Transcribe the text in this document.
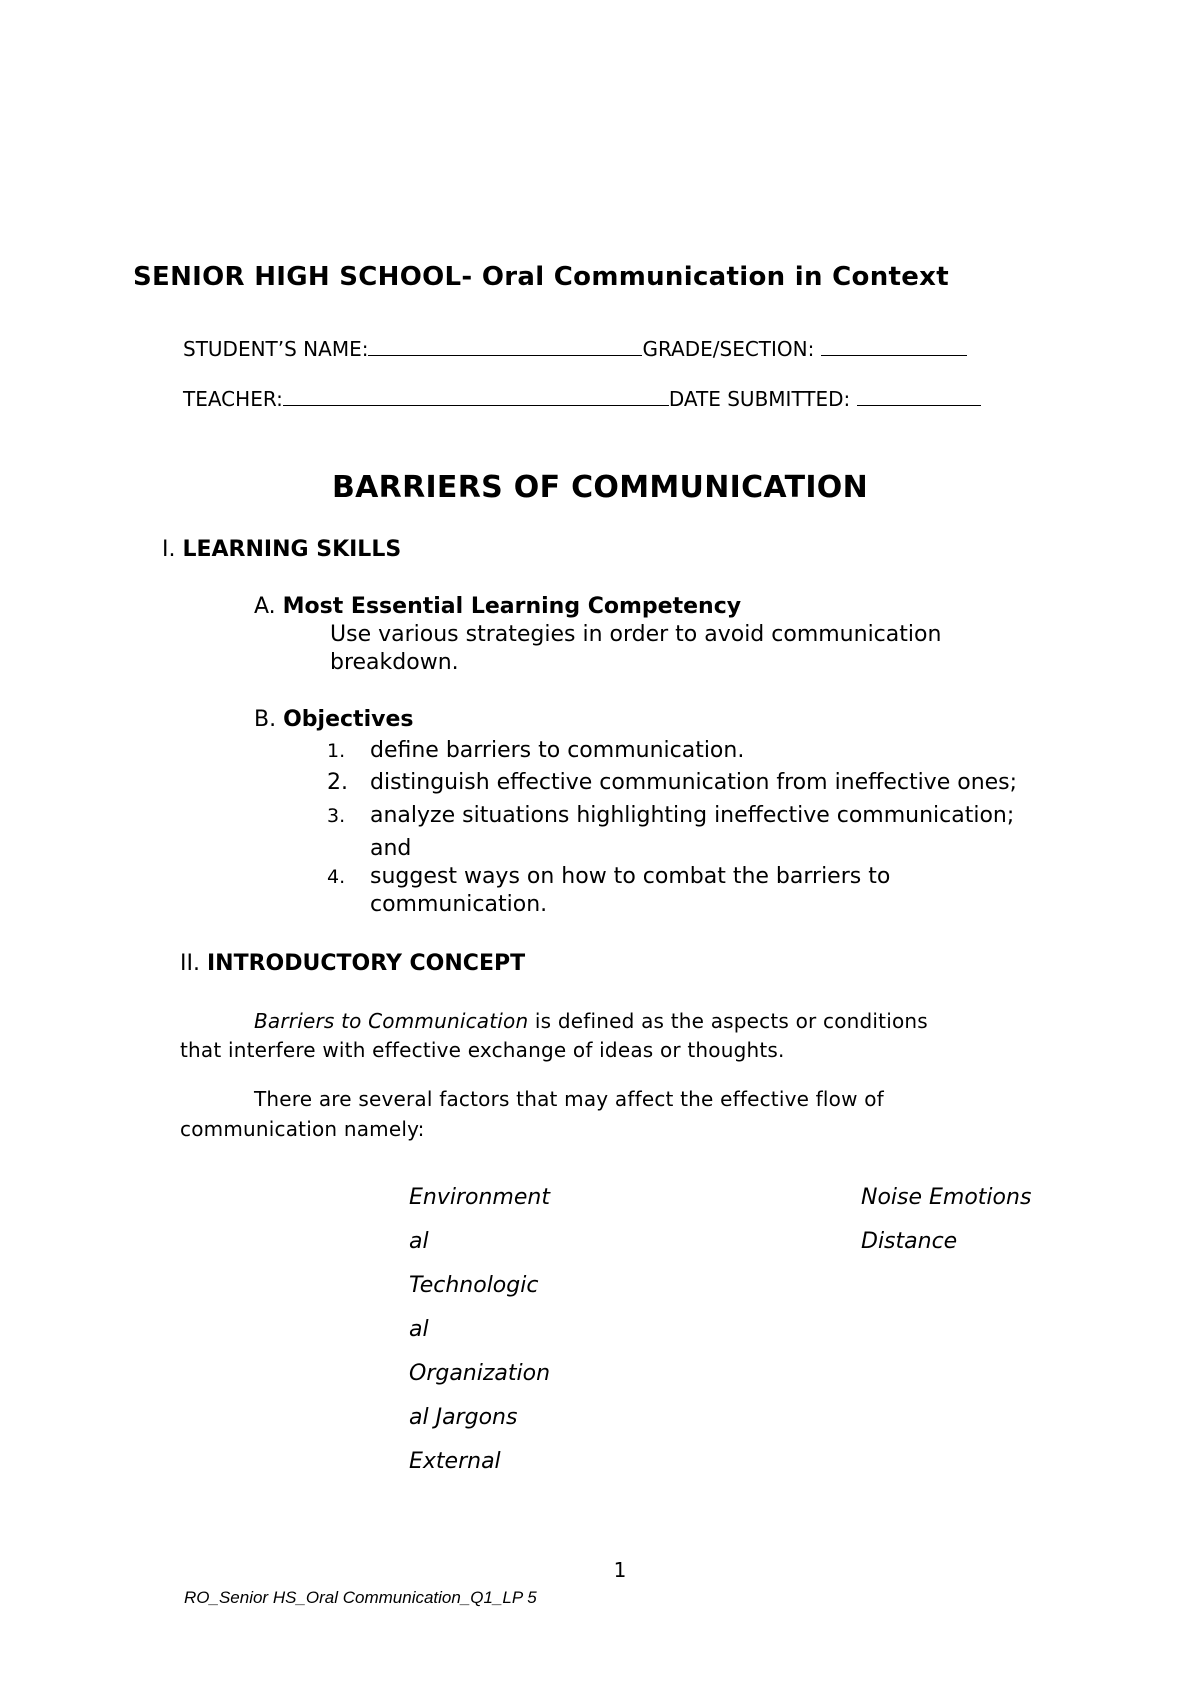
SENIOR HIGH SCHOOL- Oral Communication in Context
STUDENT’S NAME:	GRADE/SECTION:
TEACHER:	DATE SUBMITTED:
BARRIERS OF COMMUNICATION
I. LEARNING SKILLS
A. Most Essential Learning Competency
Use various strategies in order to avoid communication
breakdown.
B. Objectives
1. define barriers to communication.
2. distinguish effective communication from ineffective ones;
3. analyze situations highlighting ineffective communication;
and
4. suggest ways on how to combat the barriers to
communication.
II. INTRODUCTORY CONCEPT
Barriers to Communication is defined as the aspects or conditions
that interfere with effective exchange of ideas or thoughts.
There are several factors that may affect the effective flow of
communication namely:
Environment
al
Technologic
al
Organization
al Jargons
External
Noise Emotions
Distance
1
RO_Senior HS_Oral Communication_Q1_LP 5
